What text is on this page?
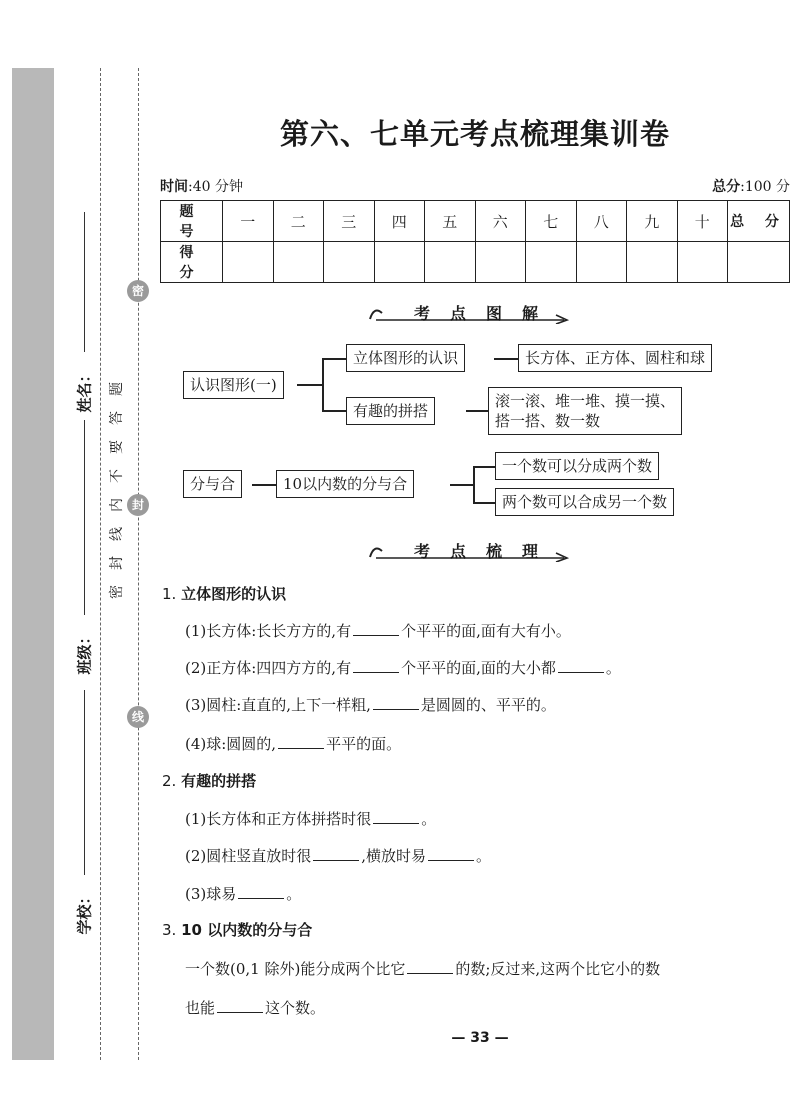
姓名：
班级：
学校：
题
答
要
不
内
线
封
密
密
封
线
第六、七单元考点梳理集训卷
时间:40 分钟	总分:100 分
题 号	一	二	三	四	五	六	七	八	九	十	总 分
得 分											
考	点	图	解
认识图形(一)
立体图形的认识	长方体、正方体、圆柱和球
有趣的拼搭
滚一滚、堆一堆、摸一摸、
搭一搭、数一数
分与合	10以内数的分与合
一个数可以分成两个数
两个数可以合成另一个数
考	点	梳	理
1. 立体图形的认识
(1)长方体:长长方方的,有	个平平的面,面有大有小。
(2)正方体:四四方方的,有	个平平的面,面的大小都	。
(3)圆柱:直直的,上下一样粗,	是圆圆的、平平的。
(4)球:圆圆的,	平平的面。
2. 有趣的拼搭
(1)长方体和正方体拼搭时很	。
(2)圆柱竖直放时很	,横放时易	。
(3)球易	。
3. 10 以内数的分与合
一个数(0,1 除外)能分成两个比它	的数;反过来,这两个比它小的数
也能	这个数。
— 33 —
